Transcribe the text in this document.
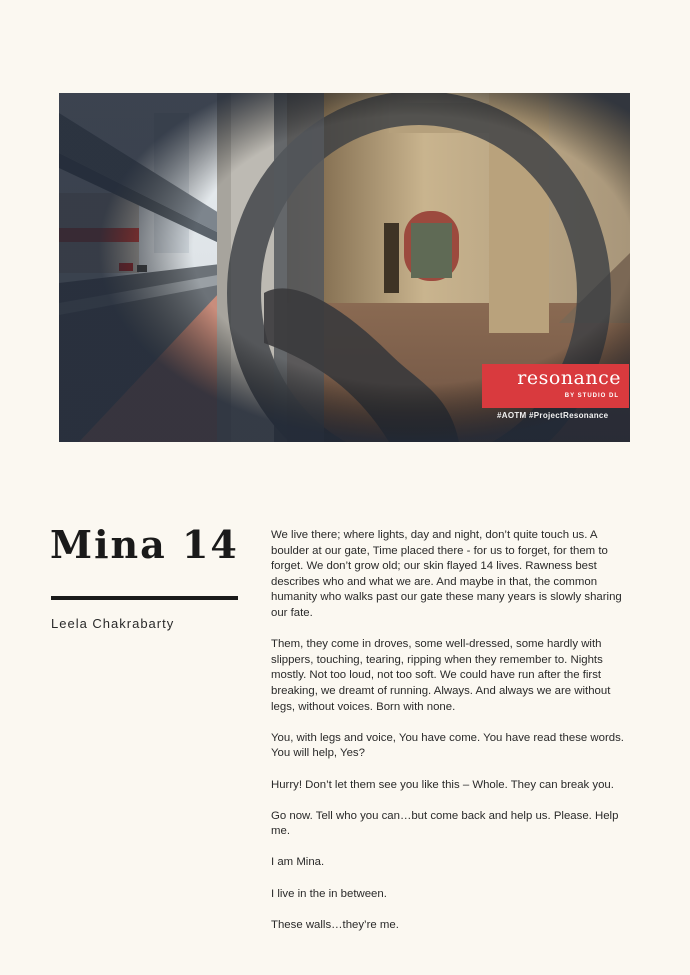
resonance
BY STUDIO DL
#AOTM #ProjectResonance
Mina 14
Leela Chakrabarty

We live there; where lights, day and night, don’t quite touch us. A boulder at our gate, Time placed there - for us to forget, for them to forget. We don’t grow old; our skin flayed 14 lives. Rawness best describes who and what we are. And maybe in that, the common humanity who walks past our gate these many years is slowly sharing our fate.

Them, they come in droves, some well-dressed, some hardly with slippers, touching, tearing, ripping when they remember to. Nights mostly. Not too loud, not too soft. We could have run after the first breaking, we dreamt of running. Always. And always we are without legs, without voices. Born with none.

You, with legs and voice, You have come. You have read these words. You will help, Yes?

Hurry! Don’t let them see you like this – Whole. They can break you.

Go now. Tell who you can…but come back and help us. Please. Help me.

I am Mina.

I live in the in between.

These walls…they’re me.
